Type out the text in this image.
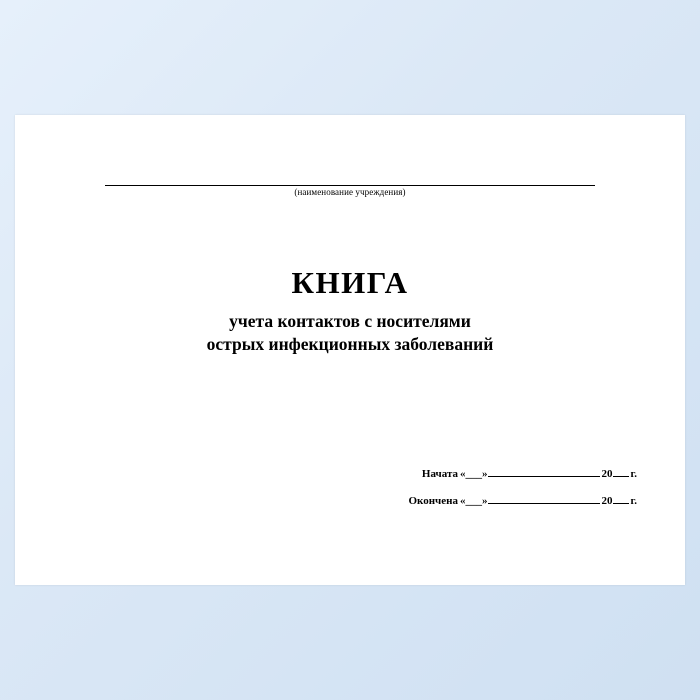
(наименование учреждения)
КНИГА
учета контактов с носителями
острых инфекционных заболеваний
Начата «___»	20 г.
Окончена «___»	20 г.
